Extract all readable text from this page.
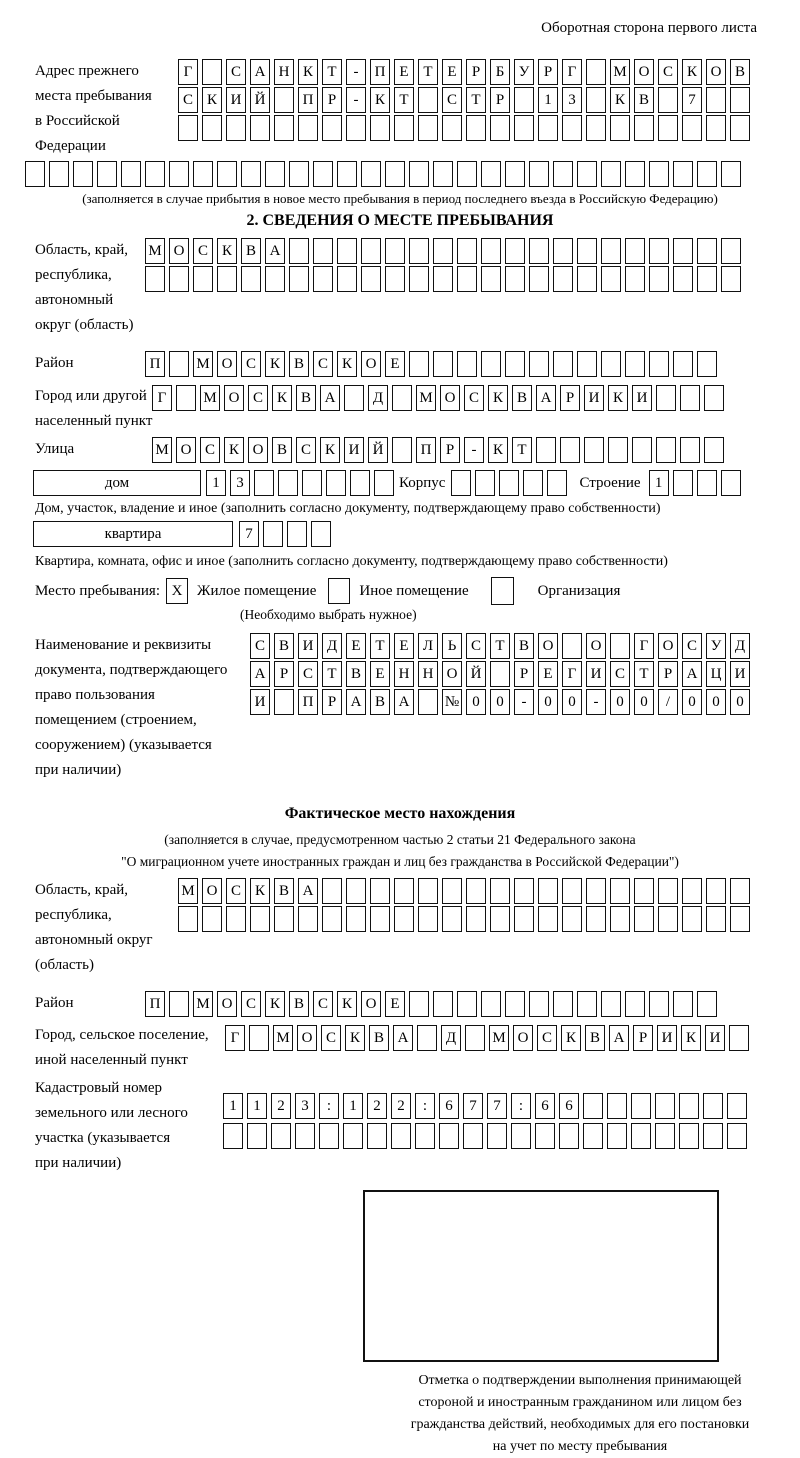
Оборотная сторона первого листа
Адрес прежнего
места пребывания
в Российской
Федерации
Г	С А Н К Т	-	П Е Т Е	Р	Б У Р	Г	М О С К О В
С К И Й	П Р	-	К Т	С Т	Р	1	3	К В	7
(заполняется в случае прибытия в новое место пребывания в период последнего въезда в Российскую Федерацию)
2. СВЕДЕНИЯ О МЕСТЕ ПРЕБЫВАНИЯ
Область, край,
республика,
автономный
округ (область)
М О С К В А
Район	П	М О С К В С К О Е
Город или другой
населенный пункт
Г	М О С К В А	Д	М О С К В А Р И К И
Улица	М О С К О В С К И Й	П Р	-	К Т
дом	1	3	Корпус	Строение 1
Дом, участок, владение и иное (заполнить согласно документу, подтверждающему право собственности)
квартира	7
Квартира, комната, офис и иное (заполнить согласно документу, подтверждающему право собственности)
Место пребывания: X Жилое помещение	Иное помещение	Организация
(Необходимо выбрать нужное)
Наименование и реквизиты
документа, подтверждающего
право пользования
помещением (строением,
сооружением) (указывается
при наличии)
С В И Д Е Т Е Л Ь С Т В О	О	Г О С У Д
А Р С Т В Е Н Н О Й	Р	Е	Г И С Т	Р А Ц И
И	П Р А В А	№ 0	0	-	0	0	-	0	0	/	0	0	0
Фактическое место нахождения
(заполняется в случае, предусмотренном частью 2 статьи 21 Федерального закона
"О миграционном учете иностранных граждан и лиц без гражданства в Российской Федерации")
Область, край,
республика,
автономный округ
(область)
М О С К В А
Район	П	М О С К В С К О Е
Город, сельское поселение,
иной населенный пункт
Г	М О С К В А	Д	М О С К В А Р И К И
Кадастровый номер
земельного или лесного
участка (указывается
при наличии)
1	1	2	3	:	1	2	2	:	6	7	7	:	6	6
Отметка о подтверждении выполнения принимающей
стороной и иностранным гражданином или лицом без
гражданства действий, необходимых для его постановки
на учет по месту пребывания
